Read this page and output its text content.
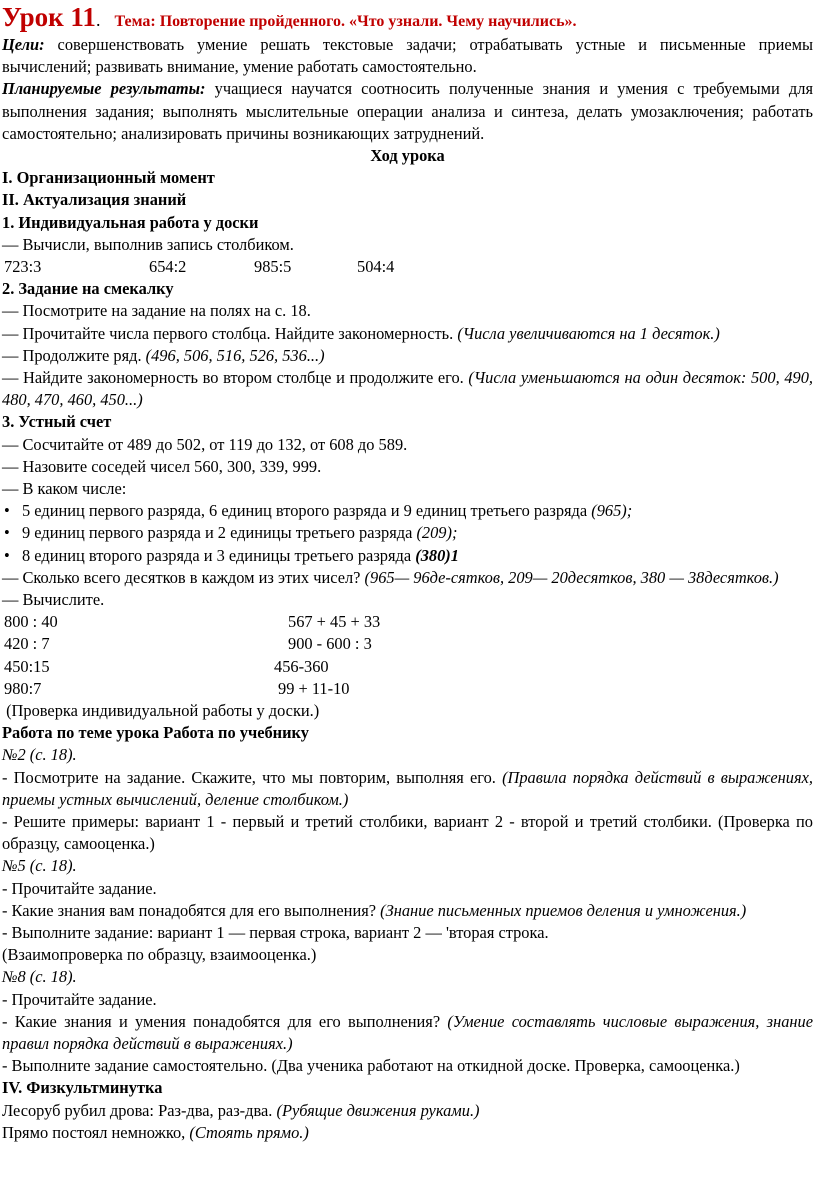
Урок 11. Тема: Повторение пройденного. «Что узнали. Чему научились».

Цели: совершенствовать умение решать текстовые задачи; отрабатывать устные и письменные приемы вычислений; развивать внимание, умение работать самостоятельно.

Планируемые результаты: учащиеся научатся соотносить полученные знания и умения с требуемыми для выполнения задания; выполнять мыслительные операции анализа и синтеза, делать умозаключения; работать самостоятельно; анализировать причины возникающих затруднений.

Ход урока

I. Организационный момент

II. Актуализация знаний

1. Индивидуальная работа у доски

— Вычисли, выполнив запись столбиком.

723:3	654:2	985:5	504:4

2. Задание на смекалку

— Посмотрите на задание на полях на с. 18.

— Прочитайте числа первого столбца. Найдите закономерность. (Числа увеличиваются на 1 десяток.)

— Продолжите ряд. (496, 506, 516, 526, 536...)

— Найдите закономерность во втором столбце и продолжите его. (Числа уменьшаются на один десяток: 500, 490, 480, 470, 460, 450...)

3. Устный счет

— Сосчитайте от 489 до 502, от 119 до 132, от 608 до 589.

— Назовите соседей чисел 560, 300, 339, 999.

— В каком числе:

• 5 единиц первого разряда, 6 единиц второго разряда и 9 единиц третьего разряда (965);

• 9 единиц первого разряда и 2 единицы третьего разряда (209);

• 8 единиц второго разряда и 3 единицы третьего разряда (380)1

— Сколько всего десятков в каждом из этих чисел? (965— 96де-сятков, 209— 20десятков, 380 — 38десятков.)

— Вычислите.

800 : 40	567 + 45 + 33
420 : 7	900 - 600 : 3
450:15	456-360
980:7	99 + 11-10

(Проверка индивидуальной работы у доски.)

Работа по теме урока Работа по учебнику

№2 (с. 18).

- Посмотрите на задание. Скажите, что мы повторим, выполняя его. (Правила порядка действий в выражениях, приемы устных вычислений, деление столбиком.)

- Решите примеры: вариант 1 - первый и третий столбики, вариант 2 - второй и третий столбики. (Проверка по образцу, самооценка.)

№5 (с. 18).

- Прочитайте задание.

- Какие знания вам понадобятся для его выполнения? (Знание письменных приемов деления и умножения.)

- Выполните задание: вариант 1 — первая строка, вариант 2 — 'вторая строка.

(Взаимопроверка по образцу, взаимооценка.)

№8 (с. 18).

- Прочитайте задание.

- Какие знания и умения понадобятся для его выполнения? (Умение составлять числовые выражения, знание правил порядка действий в выражениях.)

- Выполните задание самостоятельно. (Два ученика работают на откидной доске. Проверка, самооценка.)

IV. Физкультминутка

Лесоруб рубил дрова: Раз-два, раз-два. (Рубящие движения руками.)

Прямо постоял немножко, (Стоять прямо.)
